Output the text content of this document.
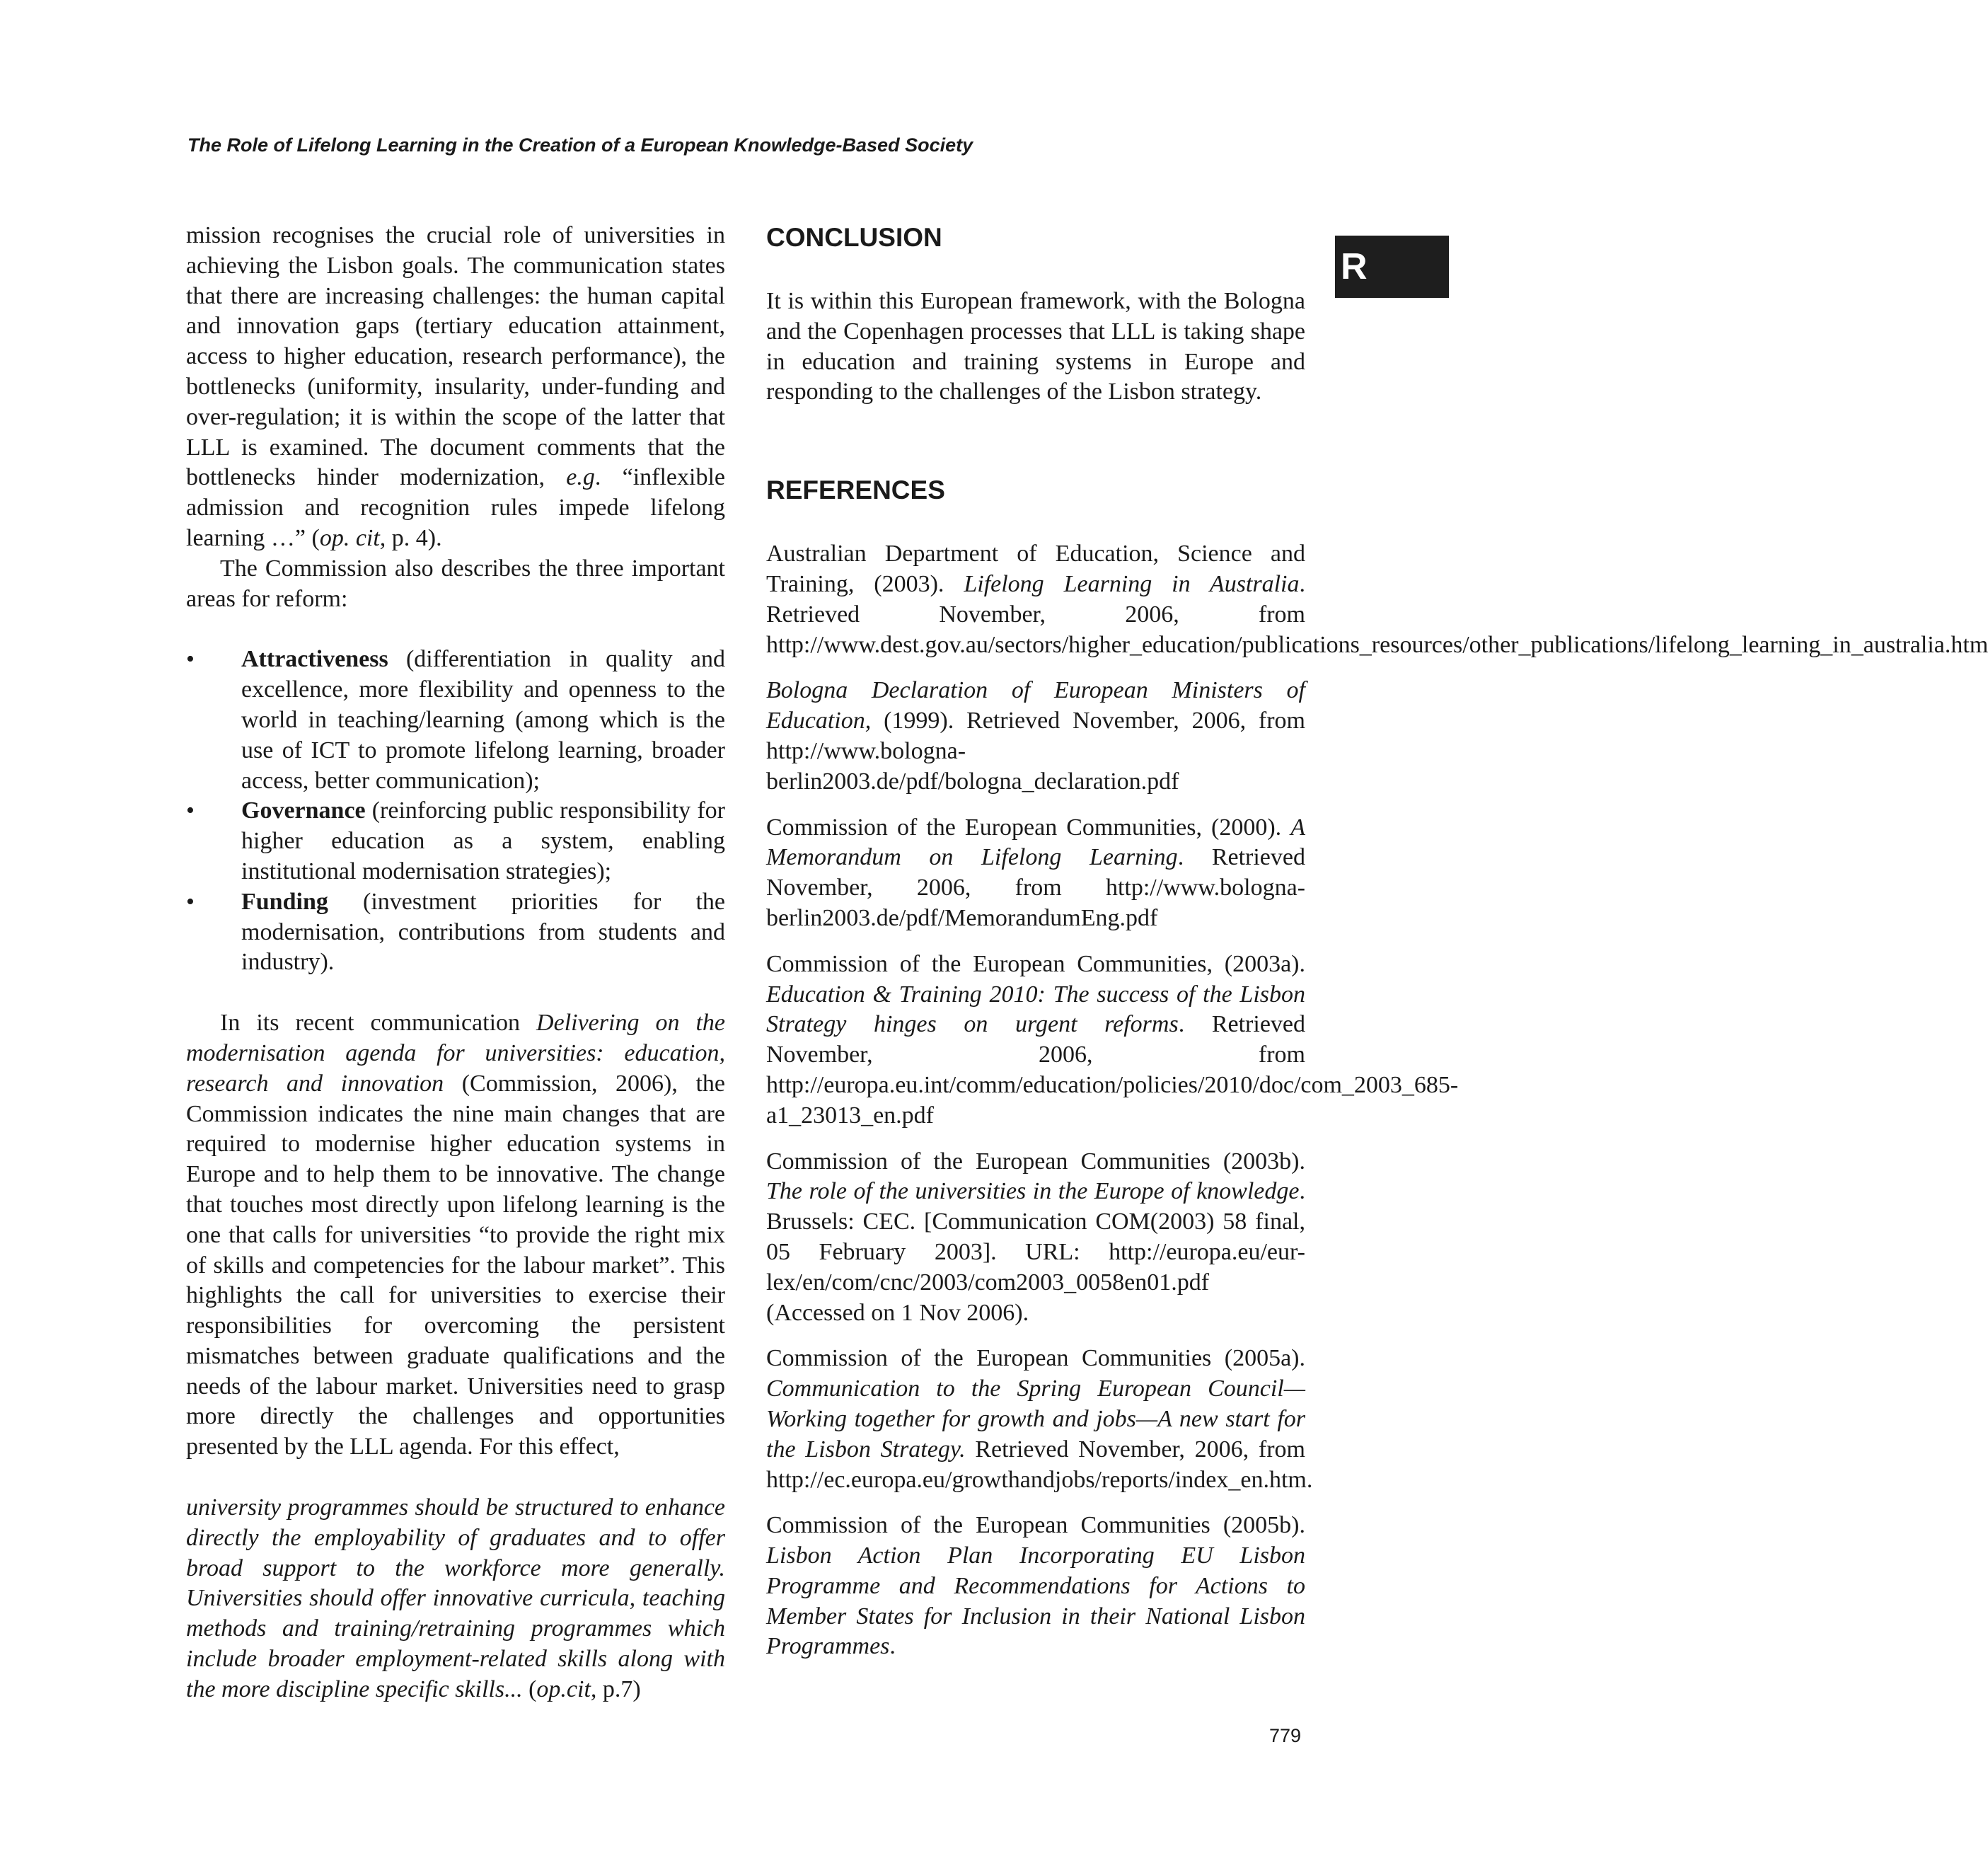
The Role of Lifelong Learning in the Creation of a European Knowledge-Based Society
R

mission recognises the crucial role of universities in achieving the Lisbon goals. The communication states that there are increasing challenges: the human capital and innovation gaps (tertiary education attainment, access to higher education, research performance), the bottlenecks (uniformity, insularity, under-funding and over-regulation; it is within the scope of the latter that LLL is examined. The document comments that the bottlenecks hinder modernization, e.g. “inflexible admission and recognition rules impede lifelong learning …” (op. cit, p. 4).

The Commission also describes the three important areas for reform:

• Attractiveness (differentiation in quality and excellence, more flexibility and openness to the world in teaching/learning (among which is the use of ICT to promote lifelong learning, broader access, better communication);
• Governance (reinforcing public responsibility for higher education as a system, enabling institutional modernisation strategies);
• Funding (investment priorities for the modernisation, contributions from students and industry).

In its recent communication Delivering on the modernisation agenda for universities: education, research and innovation (Commission, 2006), the Commission indicates the nine main changes that are required to modernise higher education systems in Europe and to help them to be innovative. The change that touches most directly upon lifelong learning is the one that calls for universities “to provide the right mix of skills and competencies for the labour market”. This highlights the call for universities to exercise their responsibilities for overcoming the persistent mismatches between graduate qualifications and the needs of the labour market. Universities need to grasp more directly the challenges and opportunities presented by the LLL agenda. For this effect,

university programmes should be structured to enhance directly the employability of graduates and to offer broad support to the workforce more generally. Universities should offer innovative curricula, teaching methods and training/retraining programmes which include broader employment-related skills along with the more discipline specific skills... (op.cit, p.7)

CONCLUSION

It is within this European framework, with the Bologna and the Copenhagen processes that LLL is taking shape in education and training systems in Europe and responding to the challenges of the Lisbon strategy.

REFERENCES
Australian Department of Education, Science and Training, (2003). Lifelong Learning in Australia. Retrieved November, 2006, from http://www.dest.gov.au/sectors/higher_education/publications_resources/other_publications/lifelong_learning_in_australia.htm
Bologna Declaration of European Ministers of Education, (1999). Retrieved November, 2006, from http://www.bologna-berlin2003.de/pdf/bologna_declaration.pdf
Commission of the European Communities, (2000). A Memorandum on Lifelong Learning. Retrieved November, 2006, from http://www.bologna-berlin2003.de/pdf/MemorandumEng.pdf
Commission of the European Communities, (2003a). Education & Training 2010: The success of the Lisbon Strategy hinges on urgent reforms. Retrieved November, 2006, from http://europa.eu.int/comm/education/policies/2010/doc/com_2003_685-a1_23013_en.pdf
Commission of the European Communities (2003b). The role of the universities in the Europe of knowledge. Brussels: CEC. [Communication COM(2003) 58 final, 05 February 2003]. URL: http://europa.eu/eur-lex/en/com/cnc/2003/com2003_0058en01.pdf (Accessed on 1 Nov 2006).
Commission of the European Communities (2005a). Communication to the Spring European Council—Working together for growth and jobs—A new start for the Lisbon Strategy. Retrieved November, 2006, from http://ec.europa.eu/growthandjobs/reports/index_en.htm.
Commission of the European Communities (2005b). Lisbon Action Plan Incorporating EU Lisbon Programme and Recommendations for Actions to Member States for Inclusion in their National Lisbon Programmes.
779
